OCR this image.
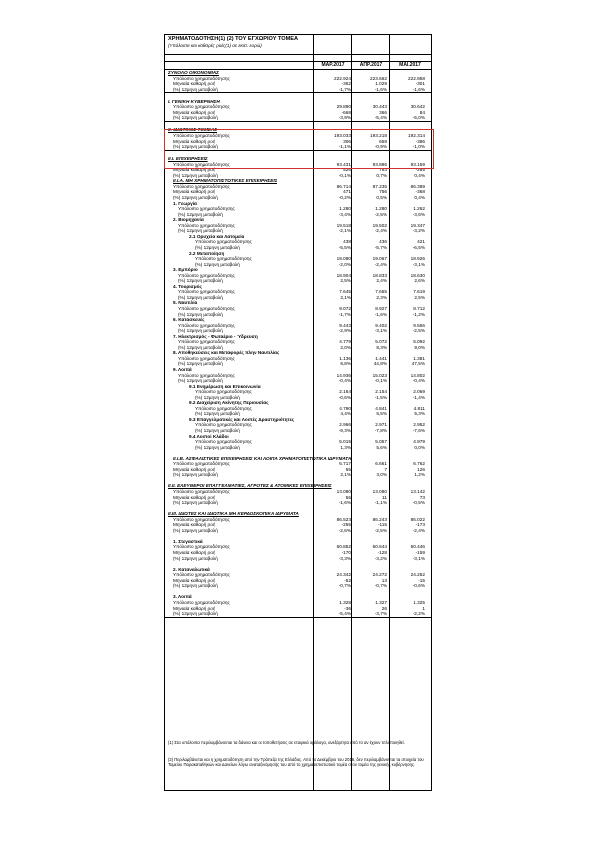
ΧΡΗΜΑΤΟΔΟΤΗΣΗ(1) (2) ΤΟΥ ΕΓΧΩΡΙΟΥ ΤΟΜΕΑ
(Υπόλοιπα και καθαρές ροές(1) σε εκατ. ευρώ)
ΜΑΡ.2017	ΑΠΡ.2017	ΜΑΙ.2017
ΣΥΝΟΛΟ ΟΙΚΟΝΟΜΙΑΣ
Υπόλοιπο χρηματοδότησης	222.924	223.662	222.958
Μηνιαία καθαρή ροή	-362	1.029	-301
(%) 12μηνη μεταβολή	-1,7%	-1,6%	-1,6%
I. ΓΕΝΙΚΗ ΚΥΒΕΡΝΗΣΗ
Υπόλοιπο χρηματοδότησης	29.890	30.443	30.642
Μηνιαία καθαρή ροή	-668	366	84
(%) 12μηνη μεταβολή	-3,9%	-5,4%	-5,0%
II. ΙΔΙΩΤΙΚΟΣ ΤΟΜΕΑΣ
Υπόλοιπο χρηματοδότησης	193.033	193.218	192.314
Μηνιαία καθαρή ροή	306	659	-386
(%) 12μηνη μεταβολή	-1,1%	-0,9%	-1,0%
II.I. ΕΠΙΧΕΙΡΗΣΕΙΣ
Υπόλοιπο χρηματοδότησης	93.431	93.896	93.159
Μηνιαία καθαρή ροή	526	763	-285
(%) 12μηνη μεταβολή	-0,1%	0,7%	0,4%
II.I.A. ΜΗ ΧΡΗΜΑΤΟΠΙΣΤΩΤΙΚΕΣ ΕΠΙΧΕΙΡΗΣΕΙΣ
Υπόλοιπο χρηματοδότησης	86.714	87.235	86.389
Μηνιαία καθαρή ροή	471	756	-368
(%) 12μηνη μεταβολή	-0,2%	0,5%	0,4%
1. Γεωργία
Υπόλοιπο χρηματοδότησης	1.280	1.280	1.262
(%) 12μηνη μεταβολή	-3,4%	-2,5%	-3,6%
2. Βιομηχανία
Υπόλοιπο χρηματοδότησης	19.518	19.502	19.347
(%) 12μηνη μεταβολή	-2,1%	-2,4%	-3,2%
2.1 Ορυχεία και Λατομεία
Υπόλοιπο χρηματοδότησης	438	436	421
(%) 12μηνη μεταβολή	-5,5%	-5,7%	-6,5%
2.2 Μεταποίηση
Υπόλοιπο χρηματοδότησης	19.080	19.067	18.926
(%) 12μηνη μεταβολή	-2,0%	-2,4%	-3,1%
3. Εμπόριο
Υπόλοιπο χρηματοδότησης	18.904	18.833	18.630
(%) 12μηνη μεταβολή	2,5%	2,4%	2,6%
4. Τουρισμός
Υπόλοιπο χρηματοδότησης	7.645	7.655	7.619
(%) 12μηνη μεταβολή	2,1%	2,3%	2,5%
5. Ναυτιλία
Υπόλοιπο χρηματοδότησης	9.072	8.927	8.712
(%) 12μηνη μεταβολή	-1,7%	-1,6%	-1,2%
6. Κατασκευές
Υπόλοιπο χρηματοδότησης	9.443	9.402	9.556
(%) 12μηνη μεταβολή	-2,9%	-3,1%	-2,5%
7. Ηλεκτρισμός - Φωταέριο - Ύδρευση
Υπόλοιπο χρηματοδότησης	4.779	5.072	5.092
(%) 12μηνη μεταβολή	2,0%	8,3%	9,0%
8. Αποθηκεύσεις και Μεταφορές πλην Ναυτιλίας
Υπόλοιπο χρηματοδότησης	1.136	1.441	1.381
(%) 12μηνη μεταβολή	8,8%	44,8%	47,5%
9. Λοιπά
Υπόλοιπο χρηματοδότησης	14.936	15.023	14.802
(%) 12μηνη μεταβολή	-0,4%	-0,1%	-0,4%
9.1 Ενημέρωση και Επικοινωνία
Υπόλοιπο χρηματοδότησης	2.164	2.154	2.069
(%) 12μηνη μεταβολή	-0,6%	-1,5%	-1,4%
9.2 Διαχείριση Ακίνητης Περιουσίας
Υπόλοιπο χρηματοδότησης	4.790	4.841	4.811
(%) 12μηνη μεταβολή	4,4%	5,5%	5,3%
9.3 Επαγγελματικές και Λοιπές Δραστηριότητες
Υπόλοιπο χρηματοδότησης	2.966	2.971	2.952
(%) 12μηνη μεταβολή	-9,3%	-7,8%	-7,6%
9.4 Λοιποί Κλάδοι
Υπόλοιπο χρηματοδότησης	5.015	5.057	4.979
(%) 12μηνη μεταβολή	1,3%	5,6%	0,0%
II.I.B. ΑΣΦΑΛΙΣΤΙΚΕΣ ΕΠΙΧΕΙΡΗΣΕΙΣ ΚΑΙ ΛΟΙΠΑ ΧΡΗΜΑΤΟΠΙΣΤΩΤΙΚΑ ΙΔΡΥΜΑΤΑ
Υπόλοιπο χρηματοδότησης	6.717	6.661	6.762
Μηνιαία καθαρή ροή	55	7	126
(%) 12μηνη μεταβολή	2,1%	3,0%	1,2%
II.II. ΕΛΕΥΘΕΡΟΙ ΕΠΑΓΓΕΛΜΑΤΙΕΣ, ΑΓΡΟΤΕΣ & ΑΤΟΜΙΚΕΣ ΕΠΙΧΕΙΡΗΣΕΙΣ
Υπόλοιπο χρηματοδότησης	13.080	13.080	13.142
Μηνιαία καθαρή ροή	56	11	73
(%) 12μηνη μεταβολή	-1,6%	-1,1%	-0,5%
II.III. ΙΔΙΩΤΕΣ ΚΑΙ ΙΔΙΩΤΙΚΑ ΜΗ ΚΕΡΔΟΣΚΟΠΙΚΑ ΙΔΡΥΜΑΤΑ
Υπόλοιπο χρηματοδότησης	86.523	86.243	86.022
Μηνιαία καθαρή ροή	-255	-115	-173
(%) 12μηνη μεταβολή	-2,6%	-2,5%	-2,4%
1. Στεγαστικά
Υπόλοιπο χρηματοδότησης	60.852	60.644	60.446
Μηνιαία καθαρή ροή	-170	-128	-159
(%) 12μηνη μεταβολή	-3,3%	-3,2%	-3,1%
2. Καταναλωτικά
Υπόλοιπο χρηματοδότησης	24.342	24.272	24.252
Μηνιαία καθαρή ροή	-52	13	-15
(%) 12μηνη μεταβολή	-0,7%	-0,7%	-0,6%
3. Λοιπά
Υπόλοιπο χρηματοδότησης	1.328	1.327	1.325
Μηνιαία καθαρή ροή	-36	26	1
(%) 12μηνη μεταβολή	-5,4%	-3,7%	-2,2%
(1) Στα υπόλοιπα περιλαμβάνονται τα δάνεια και οι τοποθετήσεις σε εταιρικά ομόλογα, ανεξάρτητα από το αν έχουν τιτλοποιηθεί.
(2) Περιλαμβάνεται και η χρηματοδότηση από την Τράπεζα της Ελλάδος. Από το Δεκέμβριο του 2016, δεν περιλαμβάνονται τα στοιχεία του Ταμείου Παρακαταθηκών και Δανείων λόγω αναταξινόμησής του από το χρηματοπιστωτικό τομέα στον τομέα της γενικής κυβέρνησης.
